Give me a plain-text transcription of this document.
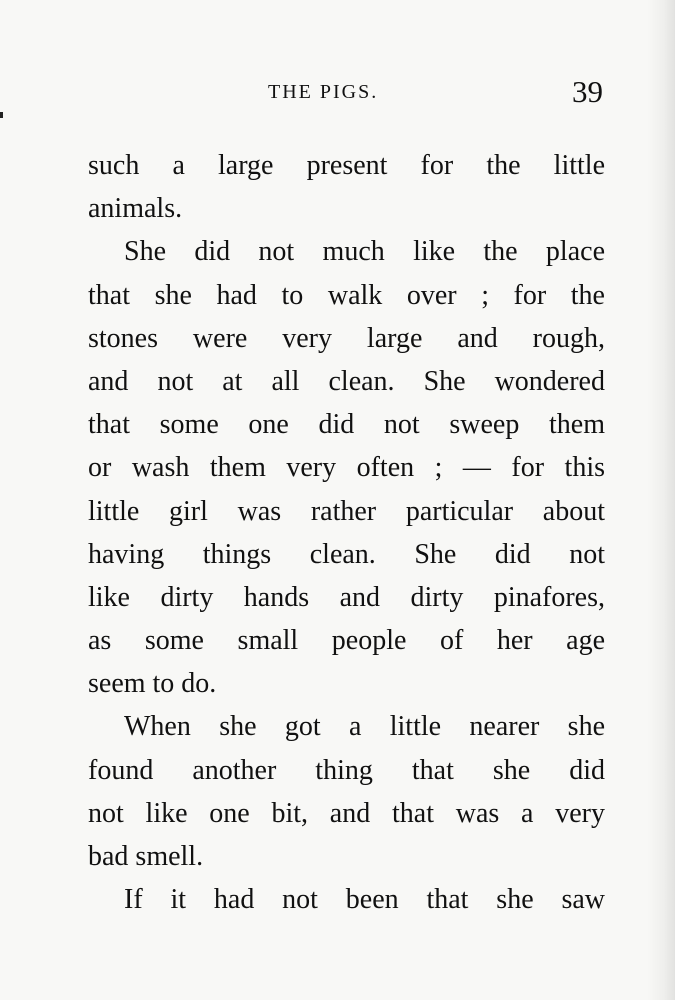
THE PIGS.	39
such a large present for the little
animals.
She did not much like the place
that she had to walk over ; for the
stones were very large and rough,
and not at all clean. She wondered
that some one did not sweep them
or wash them very often ; — for this
little girl was rather particular about
having things clean. She did not
like dirty hands and dirty pinafores,
as some small people of her age
seem to do.
When she got a little nearer she
found another thing that she did
not like one bit, and that was a very
bad smell.
If it had not been that she saw
